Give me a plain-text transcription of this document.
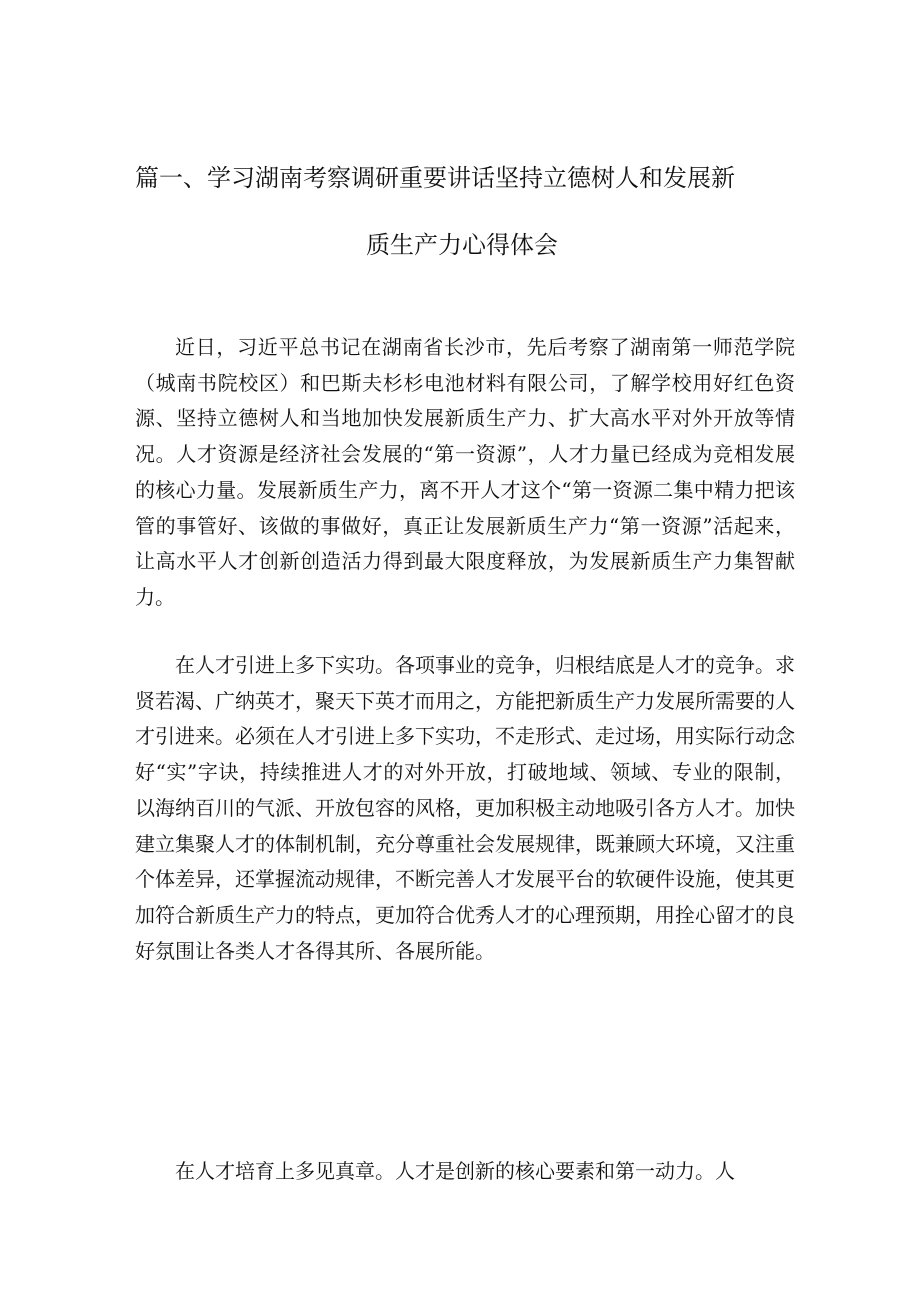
篇一、学习湖南考察调研重要讲话坚持立德树人和发展新
质生产力心得体会

近日，习近平总书记在湖南省长沙市，先后考察了湖南第一师范学院（城南书院校区）和巴斯夫杉杉电池材料有限公司，了解学校用好红色资源、坚持立德树人和当地加快发展新质生产力、扩大高水平对外开放等情况。人才资源是经济社会发展的“第一资源”，人才力量已经成为竞相发展的核心力量。发展新质生产力，离不开人才这个“第一资源二集中精力把该管的事管好、该做的事做好，真正让发展新质生产力“第一资源”活起来，让高水平人才创新创造活力得到最大限度释放，为发展新质生产力集智献力。

在人才引进上多下实功。各项事业的竞争，归根结底是人才的竞争。求贤若渴、广纳英才，聚天下英才而用之，方能把新质生产力发展所需要的人才引进来。必须在人才引进上多下实功，不走形式、走过场，用实际行动念好“实”字诀，持续推进人才的对外开放，打破地域、领域、专业的限制，以海纳百川的气派、开放包容的风格，更加积极主动地吸引各方人才。加快建立集聚人才的体制机制，充分尊重社会发展规律，既兼顾大环境，又注重个体差异，还掌握流动规律，不断完善人才发展平台的软硬件设施，使其更加符合新质生产力的特点，更加符合优秀人才的心理预期，用拴心留才的良好氛围让各类人才各得其所、各展所能。

在人才培育上多见真章。人才是创新的核心要素和第一动力。人
